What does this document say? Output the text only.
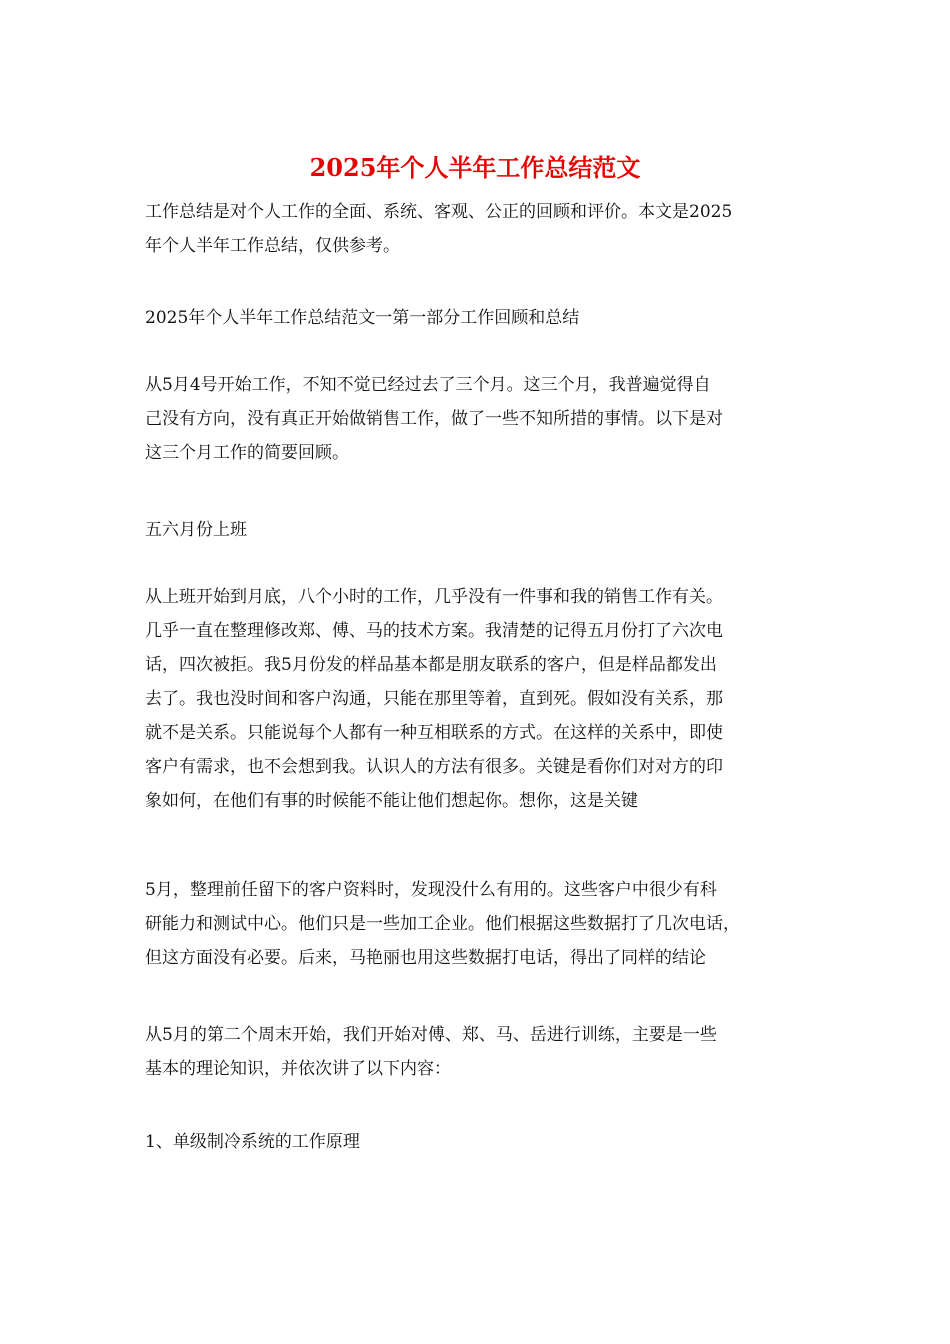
2025年个人半年工作总结范文
工作总结是对个人工作的全面、系统、客观、公正的回顾和评价。本文是2025
年个人半年工作总结，仅供参考。
2025年个人半年工作总结范文一第一部分工作回顾和总结
从5月4号开始工作，不知不觉已经过去了三个月。这三个月，我普遍觉得自
己没有方向，没有真正开始做销售工作，做了一些不知所措的事情。以下是对
这三个月工作的简要回顾。
五六月份上班
从上班开始到月底，八个小时的工作，几乎没有一件事和我的销售工作有关。
几乎一直在整理修改郑、傅、马的技术方案。我清楚的记得五月份打了六次电
话，四次被拒。我5月份发的样品基本都是朋友联系的客户，但是样品都发出
去了。我也没时间和客户沟通，只能在那里等着，直到死。假如没有关系，那
就不是关系。只能说每个人都有一种互相联系的方式。在这样的关系中，即使
客户有需求，也不会想到我。认识人的方法有很多。关键是看你们对对方的印
象如何，在他们有事的时候能不能让他们想起你。想你，这是关键
5月，整理前任留下的客户资料时，发现没什么有用的。这些客户中很少有科
研能力和测试中心。他们只是一些加工企业。他们根据这些数据打了几次电话，
但这方面没有必要。后来，马艳丽也用这些数据打电话，得出了同样的结论
从5月的第二个周末开始，我们开始对傅、郑、马、岳进行训练，主要是一些
基本的理论知识，并依次讲了以下内容：
1、单级制冷系统的工作原理
